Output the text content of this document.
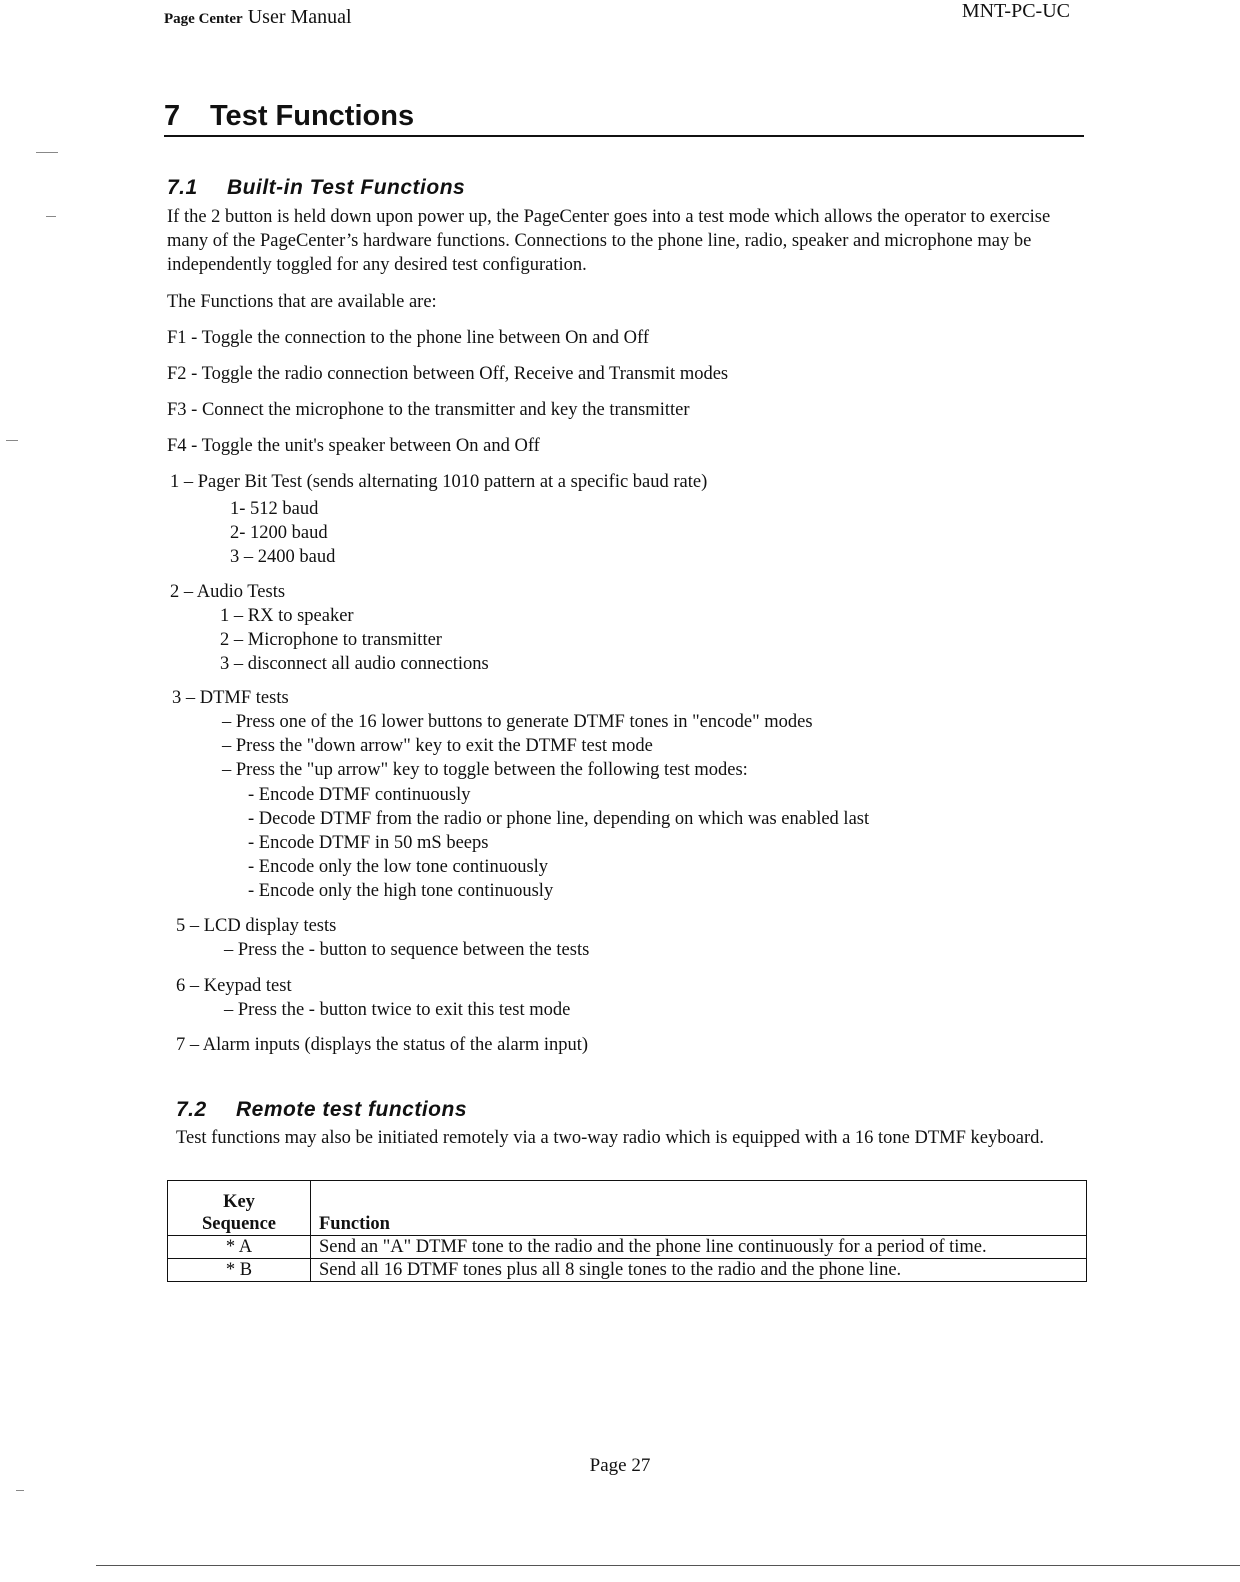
Page Center User Manual	MNT-PC-UC
7 Test Functions
7.1 Built-in Test Functions
If the 2 button is held down upon power up, the PageCenter goes into a test mode which allows the operator to exercise many of the PageCenter’s hardware functions. Connections to the phone line, radio, speaker and microphone may be independently toggled for any desired test configuration.
The Functions that are available are:
F1 - Toggle the connection to the phone line between On and Off
F2 - Toggle the radio connection between Off, Receive and Transmit modes
F3 - Connect the microphone to the transmitter and key the transmitter
F4 - Toggle the unit's speaker between On and Off
1 – Pager Bit Test (sends alternating 1010 pattern at a specific baud rate)
1- 512 baud
2- 1200 baud
3 – 2400 baud
2 – Audio Tests
1 – RX to speaker
2 – Microphone to transmitter
3 – disconnect all audio connections
3 – DTMF tests
– Press one of the 16 lower buttons to generate DTMF tones in "encode" modes
– Press the "down arrow" key to exit the DTMF test mode
– Press the "up arrow" key to toggle between the following test modes:
- Encode DTMF continuously
- Decode DTMF from the radio or phone line, depending on which was enabled last
- Encode DTMF in 50 mS beeps
- Encode only the low tone continuously
- Encode only the high tone continuously
5 – LCD display tests
– Press the - button to sequence between the tests
6 – Keypad test
– Press the - button twice to exit this test mode
7 – Alarm inputs (displays the status of the alarm input)
7.2 Remote test functions
Test functions may also be initiated remotely via a two-way radio which is equipped with a 16 tone DTMF keyboard.
Key
Sequence	Function
* A	Send an "A" DTMF tone to the radio and the phone line continuously for a period of time.
* B	Send all 16 DTMF tones plus all 8 single tones to the radio and the phone line.
Page 27
